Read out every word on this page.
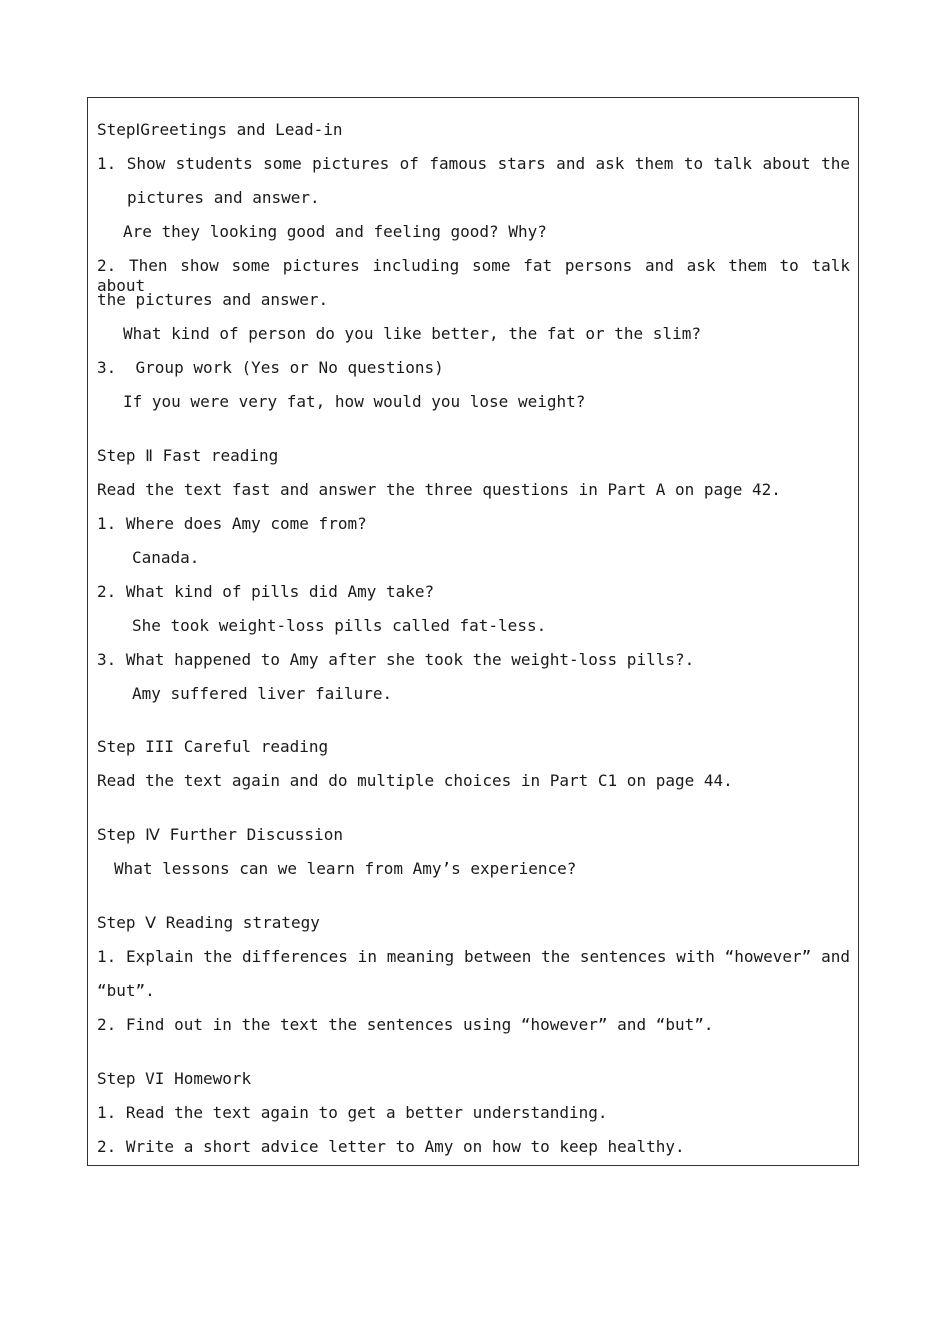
StepⅠGreetings and Lead-in
1. Show students some pictures of famous stars and ask them to talk about the
pictures and answer.
Are they looking good and feeling good? Why?
2. Then show some pictures including some fat persons and ask them to talk about
the pictures and answer.
What kind of person do you like better, the fat or the slim?
3.  Group work (Yes or No questions)
If you were very fat, how would you lose weight?
Step Ⅱ Fast reading
Read the text fast and answer the three questions in Part A on page 42.
1. Where does Amy come from?
Canada.
2. What kind of pills did Amy take?
She took weight-loss pills called fat-less.
3. What happened to Amy after she took the weight-loss pills?.
Amy suffered liver failure.
Step III Careful reading
Read the text again and do multiple choices in Part C1 on page 44.
Step Ⅳ Further Discussion
What lessons can we learn from Amy’s experience?
Step Ⅴ Reading strategy
1. Explain the differences in meaning between the sentences with “however” and
“but”.
2. Find out in the text the sentences using “however” and “but”.
Step VI Homework
1. Read the text again to get a better understanding.
2. Write a short advice letter to Amy on how to keep healthy.
